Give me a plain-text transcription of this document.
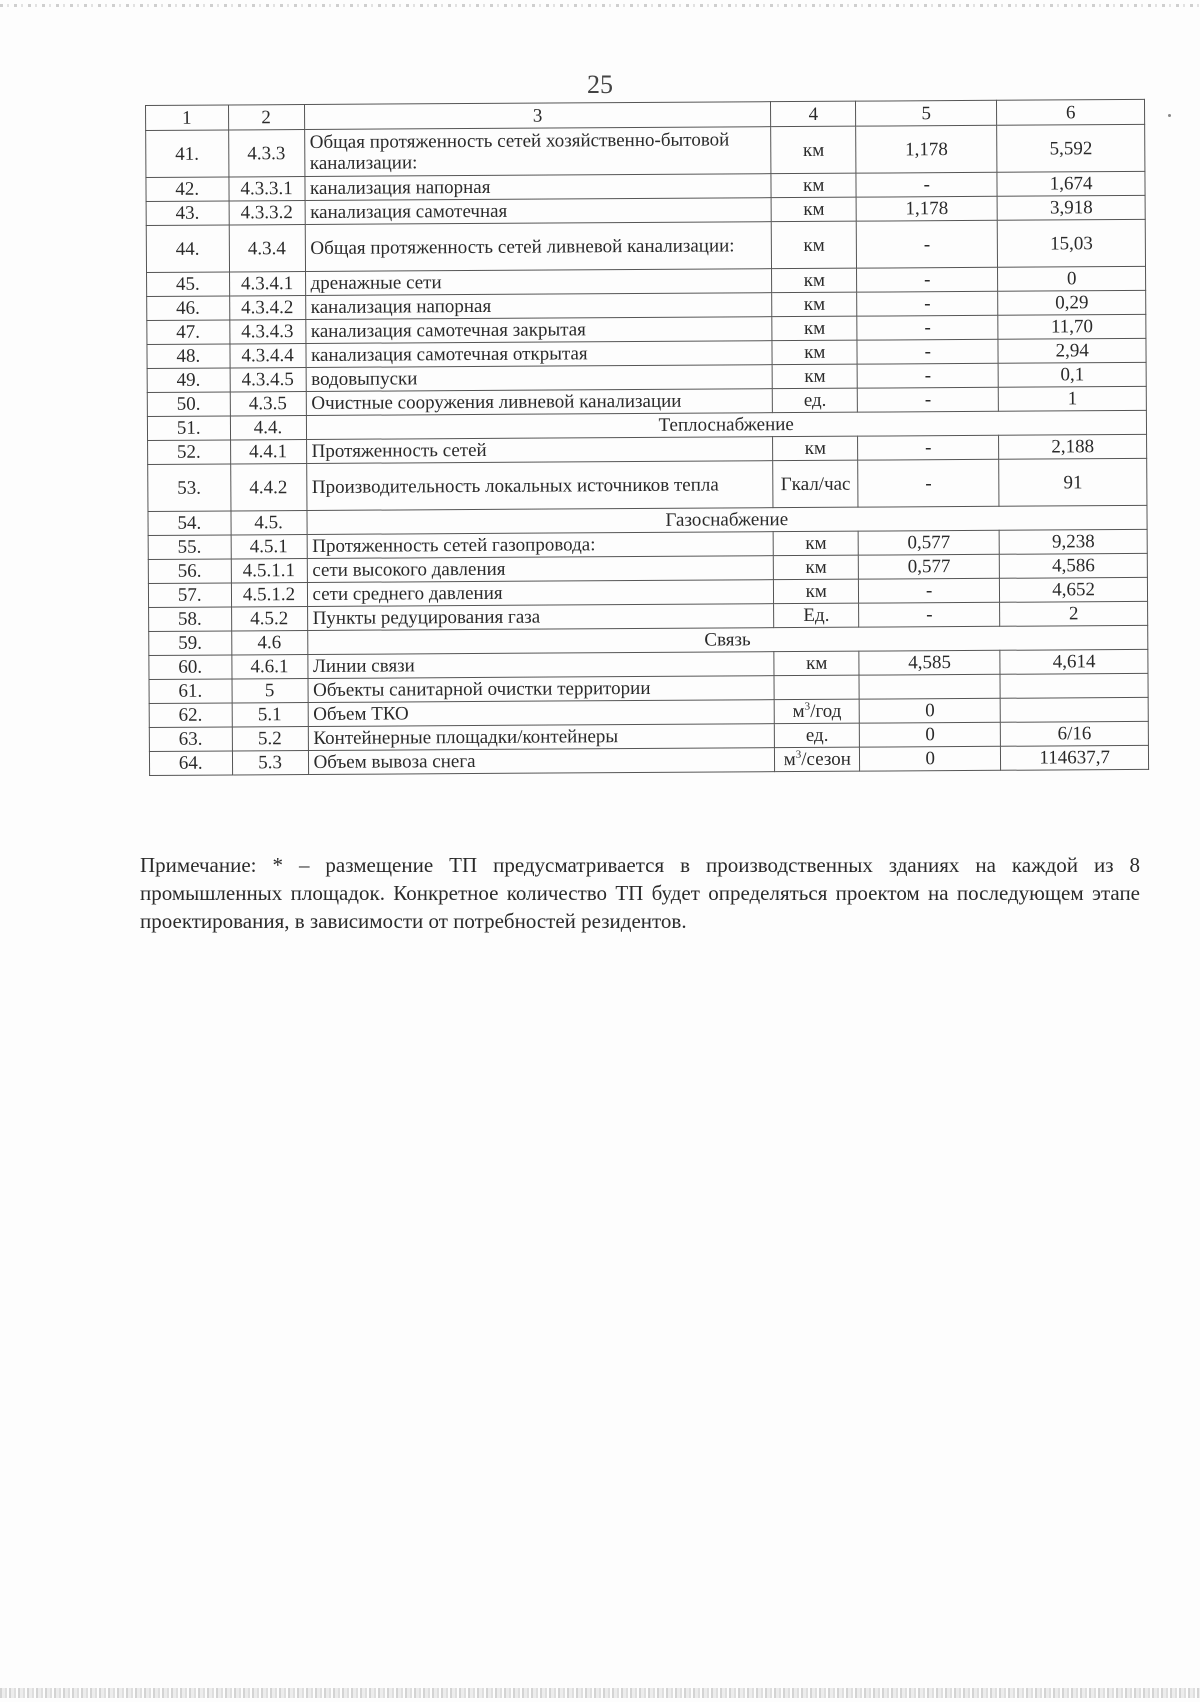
25
1	2	3	4	5	6
41.	4.3.3	Общая протяженность сетей хозяйственно-бытовой канализации:	км	1,178	5,592
42.	4.3.3.1	канализация напорная	км	-	1,674
43.	4.3.3.2	канализация самотечная	км	1,178	3,918
44.	4.3.4	Общая протяженность сетей ливневой канализации:	км	-	15,03
45.	4.3.4.1	дренажные сети	км	-	0
46.	4.3.4.2	канализация напорная	км	-	0,29
47.	4.3.4.3	канализация самотечная закрытая	км	-	11,70
48.	4.3.4.4	канализация самотечная открытая	км	-	2,94
49.	4.3.4.5	водовыпуски	км	-	0,1
50.	4.3.5	Очистные сооружения ливневой канализации	ед.	-	1
51.	4.4.	Теплоснабжение			
52.	4.4.1	Протяженность сетей	км	-	2,188
53.	4.4.2	Производительность локальных источников тепла	Гкал/час	-	91
54.	4.5.	Газоснабжение			
55.	4.5.1	Протяженность сетей газопровода:	км	0,577	9,238
56.	4.5.1.1	сети высокого давления	км	0,577	4,586
57.	4.5.1.2	сети среднего давления	км	-	4,652
58.	4.5.2	Пункты редуцирования газа	Ед.	-	2
59.	4.6	Связь			
60.	4.6.1	Линии связи	км	4,585	4,614
61.	5	Объекты санитарной очистки территории			
62.	5.1	Объем ТКО	$м^3$/год	0	
63.	5.2	Контейнерные площадки/контейнеры	ед.	0	6/16
64.	5.3	Объем вывоза снега	$м^3$/сезон	0	114637,7
Примечание: * – размещение ТП предусматривается в производственных зданиях на каждой из 8 промышленных площадок. Конкретное количество ТП будет определяться проектом на последующем этапе проектирования, в зависимости от потребностей резидентов.
